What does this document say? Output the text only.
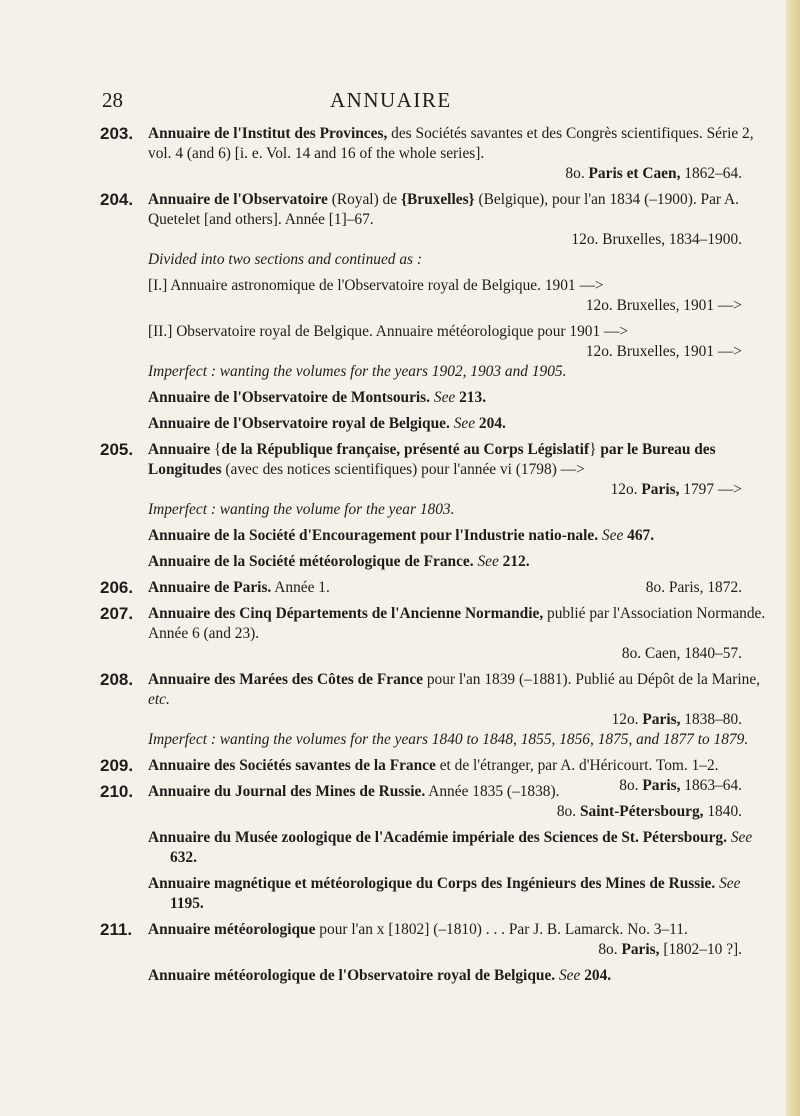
28	ANNUAIRE
203. Annuaire de l'Institut des Provinces, des Sociétés savantes et des Congrès scientifiques. Série 2, vol. 4 (and 6) [i. e. Vol. 14 and 16 of the whole series].
8o. Paris et Caen, 1862–64.

204. Annuaire de l'Observatoire (Royal) de {Bruxelles} (Belgique), pour l'an 1834 (–1900). Par A. Quetelet [and others]. Année [1]–67.
12o. Bruxelles, 1834–1900.

Divided into two sections and continued as :

[I.] Annuaire astronomique de l'Observatoire royal de Belgique. 1901 —>
12o. Bruxelles, 1901 —>

[II.] Observatoire royal de Belgique. Annuaire météorologique pour 1901 —>
12o. Bruxelles, 1901 —>

Imperfect : wanting the volumes for the years 1902, 1903 and 1905.

Annuaire de l'Observatoire de Montsouris. See 213.

Annuaire de l'Observatoire royal de Belgique. See 204.

205. Annuaire {de la République française, présenté au Corps Législatif} par le Bureau des Longitudes (avec des notices scientifiques) pour l'année vi (1798) —>
12o. Paris, 1797 —>

Imperfect : wanting the volume for the year 1803.

Annuaire de la Société d'Encouragement pour l'Industrie natio-nale. See 467.

Annuaire de la Société météorologique de France. See 212.

206. Annuaire de Paris. Année 1.	8o. Paris, 1872.

207. Annuaire des Cinq Départements de l'Ancienne Normandie, publié par l'Association Normande. Année 6 (and 23).
8o. Caen, 1840–57.

208. Annuaire des Marées des Côtes de France pour l'an 1839 (–1881). Publié au Dépôt de la Marine, etc.
12o. Paris, 1838–80.

Imperfect : wanting the volumes for the years 1840 to 1848, 1855, 1856, 1875, and 1877 to 1879.

209. Annuaire des Sociétés savantes de la France et de l'étranger, par A. d'Héricourt. Tom. 1–2.
8o. Paris, 1863–64.

210. Annuaire du Journal des Mines de Russie. Année 1835 (–1838).
8o. Saint-Pétersbourg, 1840.

Annuaire du Musée zoologique de l'Académie impériale des Sciences de St. Pétersbourg. See 632.

Annuaire magnétique et météorologique du Corps des Ingénieurs des Mines de Russie. See 1195.

211. Annuaire météorologique pour l'an x [1802] (–1810) . . . Par J. B. Lamarck. No. 3–11.
8o. Paris, [1802–10 ?].

Annuaire météorologique de l'Observatoire royal de Belgique. See 204.
